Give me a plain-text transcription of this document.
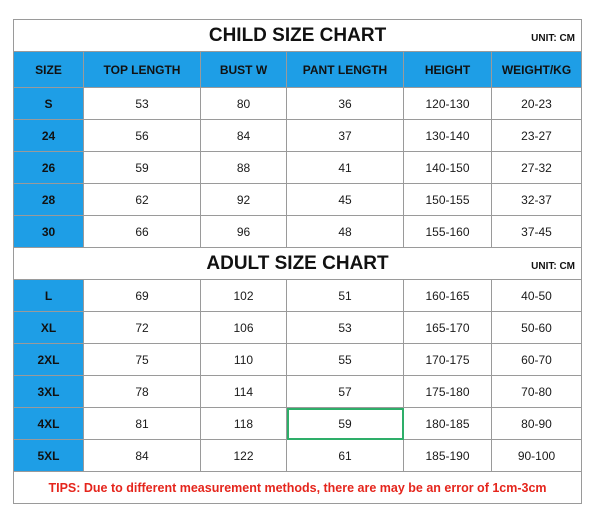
CHILD SIZE CHART UNIT: CM					

SIZE	TOP LENGTH	BUST W	PANT LENGTH	HEIGHT	WEIGHT/KG
S	53	80	36	120-130	20-23
24	56	84	37	130-140	23-27
26	59	88	41	140-150	27-32
28	62	92	45	150-155	32-37
30	66	96	48	155-160	37-45
ADULT SIZE CHART UNIT: CM					

L	69	102	51	160-165	40-50
XL	72	106	53	165-170	50-60
2XL	75	110	55	170-175	60-70
3XL	78	114	57	175-180	70-80
4XL	81	118	59	180-185	80-90
5XL	84	122	61	185-190	90-100
TIPS: Due to different measurement methods, there are may be an error of 1cm-3cm					
